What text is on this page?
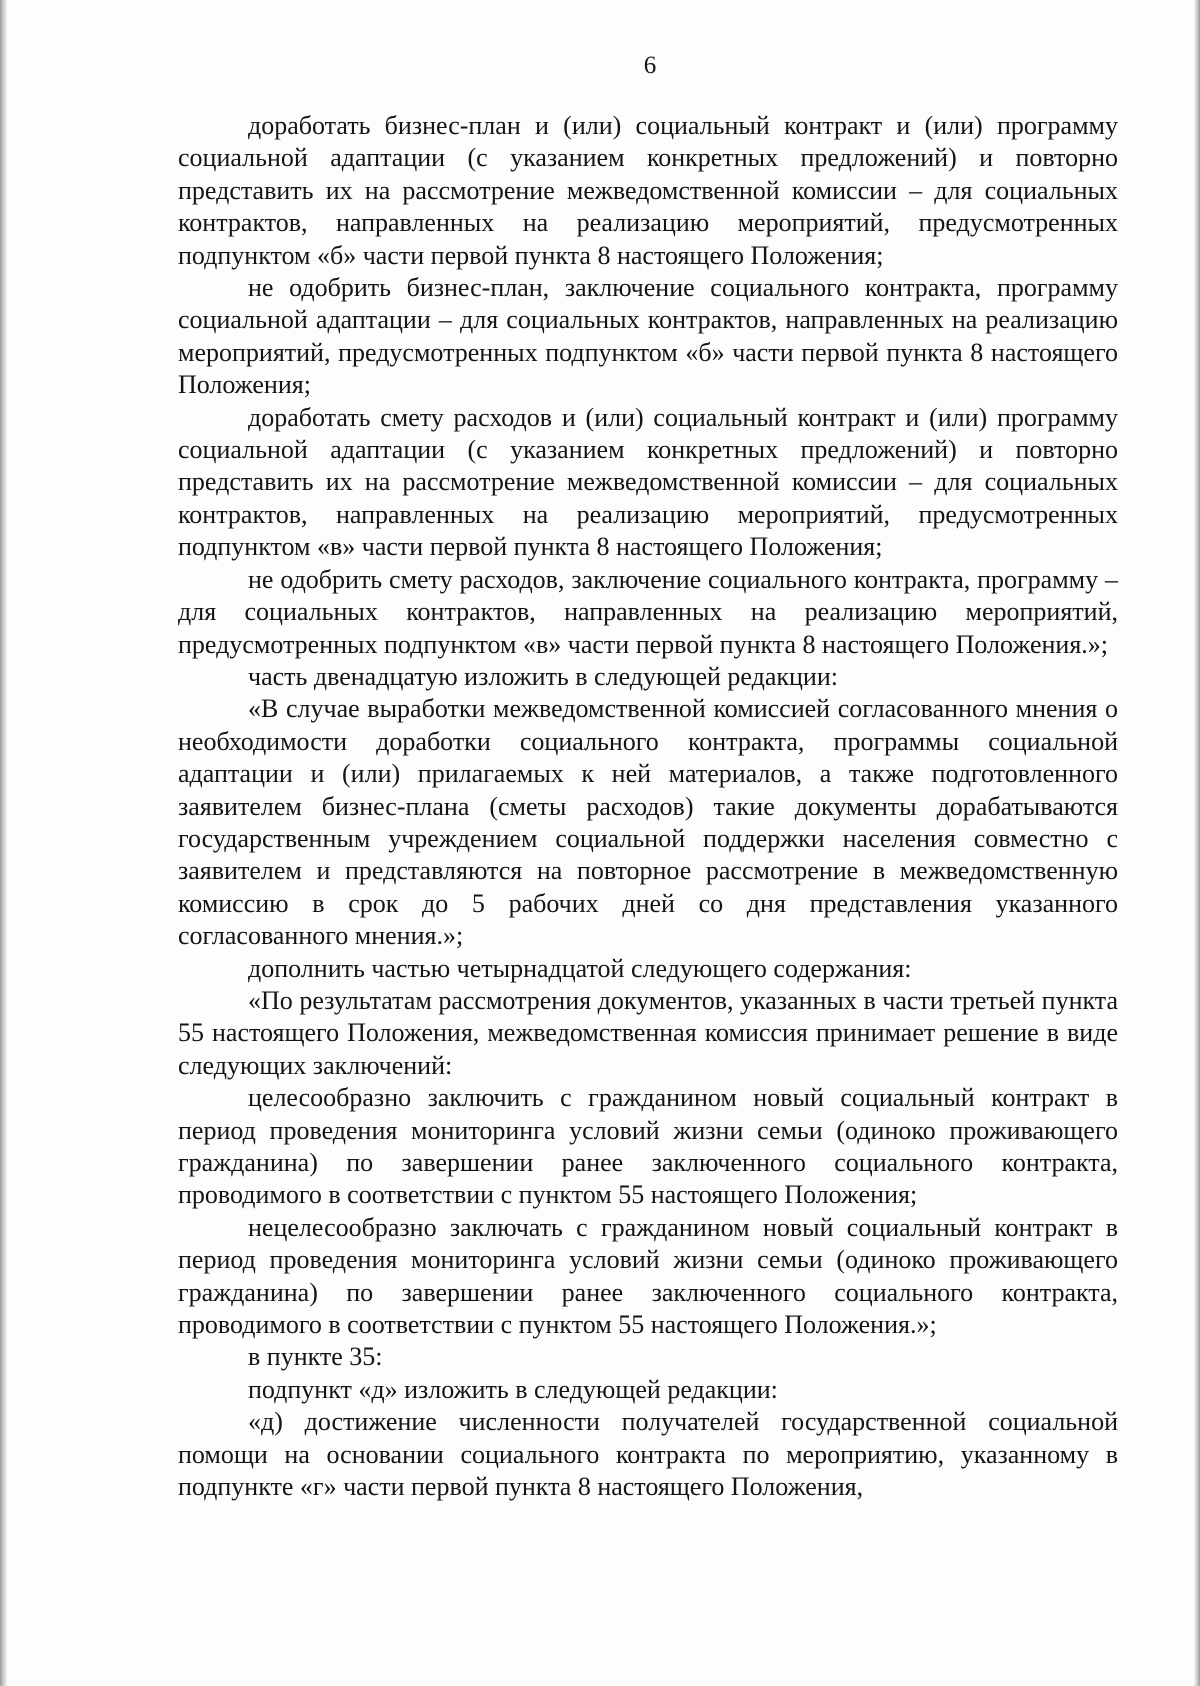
6

доработать бизнес-план и (или) социальный контракт и (или) программу социальной адаптации (с указанием конкретных предложений) и повторно представить их на рассмотрение межведомственной комиссии – для социальных контрактов, направленных на реализацию мероприятий, предусмотренных подпунктом «б» части первой пункта 8 настоящего Положения;

не одобрить бизнес-план, заключение социального контракта, программу социальной адаптации – для социальных контрактов, направленных на реализацию мероприятий, предусмотренных подпунктом «б» части первой пункта 8 настоящего Положения;

доработать смету расходов и (или) социальный контракт и (или) программу социальной адаптации (с указанием конкретных предложений) и повторно представить их на рассмотрение межведомственной комиссии – для социальных контрактов, направленных на реализацию мероприятий, предусмотренных подпунктом «в» части первой пункта 8 настоящего Положения;

не одобрить смету расходов, заключение социального контракта, программу – для социальных контрактов, направленных на реализацию мероприятий, предусмотренных подпунктом «в» части первой пункта 8 настоящего Положения.»;

часть двенадцатую изложить в следующей редакции:

«В случае выработки межведомственной комиссией согласованного мнения о необходимости доработки социального контракта, программы социальной адаптации и (или) прилагаемых к ней материалов, а также подготовленного заявителем бизнес-плана (сметы расходов) такие документы дорабатываются государственным учреждением социальной поддержки населения совместно с заявителем и представляются на повторное рассмотрение в межведомственную комиссию в срок до 5 рабочих дней со дня представления указанного согласованного мнения.»;

дополнить частью четырнадцатой следующего содержания:

«По результатам рассмотрения документов, указанных в части третьей пункта 55 настоящего Положения, межведомственная комиссия принимает решение в виде следующих заключений:

целесообразно заключить с гражданином новый социальный контракт в период проведения мониторинга условий жизни семьи (одиноко проживающего гражданина) по завершении ранее заключенного социального контракта, проводимого в соответствии с пунктом 55 настоящего Положения;

нецелесообразно заключать с гражданином новый социальный контракт в период проведения мониторинга условий жизни семьи (одиноко проживающего гражданина) по завершении ранее заключенного социального контракта, проводимого в соответствии с пунктом 55 настоящего Положения.»;

в пункте 35:

подпункт «д» изложить в следующей редакции:

«д) достижение численности получателей государственной социальной помощи на основании социального контракта по мероприятию, указанному в подпункте «г» части первой пункта 8 настоящего Положения,
